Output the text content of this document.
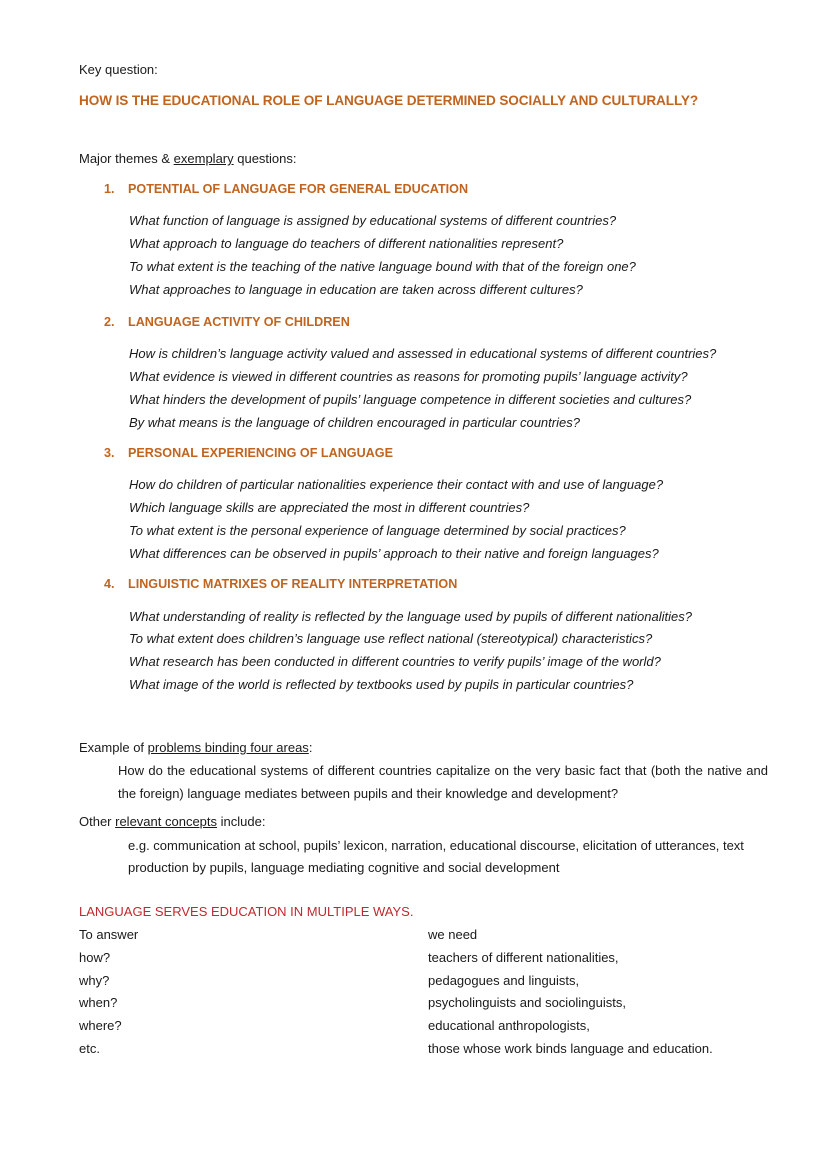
Key question:
HOW IS THE EDUCATIONAL ROLE OF LANGUAGE DETERMINED SOCIALLY AND CULTURALLY?
Major themes & exemplary questions:
1. POTENTIAL OF LANGUAGE FOR GENERAL EDUCATION
What function of language is assigned by educational systems of different countries?
What approach to language do teachers of different nationalities represent?
To what extent is the teaching of the native language bound with that of the foreign one?
What approaches to language in education are taken across different cultures?
2. LANGUAGE ACTIVITY OF CHILDREN
How is children’s language activity valued and assessed in educational systems of different countries?
What evidence is viewed in different countries as reasons for promoting pupils’ language activity?
What hinders the development of pupils’ language competence in different societies and cultures?
By what means is the language of children encouraged in particular countries?
3. PERSONAL EXPERIENCING OF LANGUAGE
How do children of particular nationalities experience their contact with and use of language?
Which language skills are appreciated the most in different countries?
To what extent is the personal experience of language determined by social practices?
What differences can be observed in pupils’ approach to their native and foreign languages?
4. LINGUISTIC MATRIXES OF REALITY INTERPRETATION
What understanding of reality is reflected by the language used by pupils of different nationalities?
To what extent does children’s language use reflect national (stereotypical) characteristics?
What research has been conducted in different countries to verify pupils’ image of the world?
What image of the world is reflected by textbooks used by pupils in particular countries?
Example of problems binding four areas:
How do the educational systems of different countries capitalize on the very basic fact that (both the native and the foreign) language mediates between pupils and their knowledge and development?
Other relevant concepts include:
e.g. communication at school, pupils’ lexicon, narration, educational discourse, elicitation of utterances, text production by pupils, language mediating cognitive and social development
LANGUAGE SERVES EDUCATION IN MULTIPLE WAYS.
To answer	we need
how?	teachers of different nationalities,
why?	pedagogues and linguists,
when?	psycholinguists and sociolinguists,
where?	educational anthropologists,
etc.	those whose work binds language and education.
